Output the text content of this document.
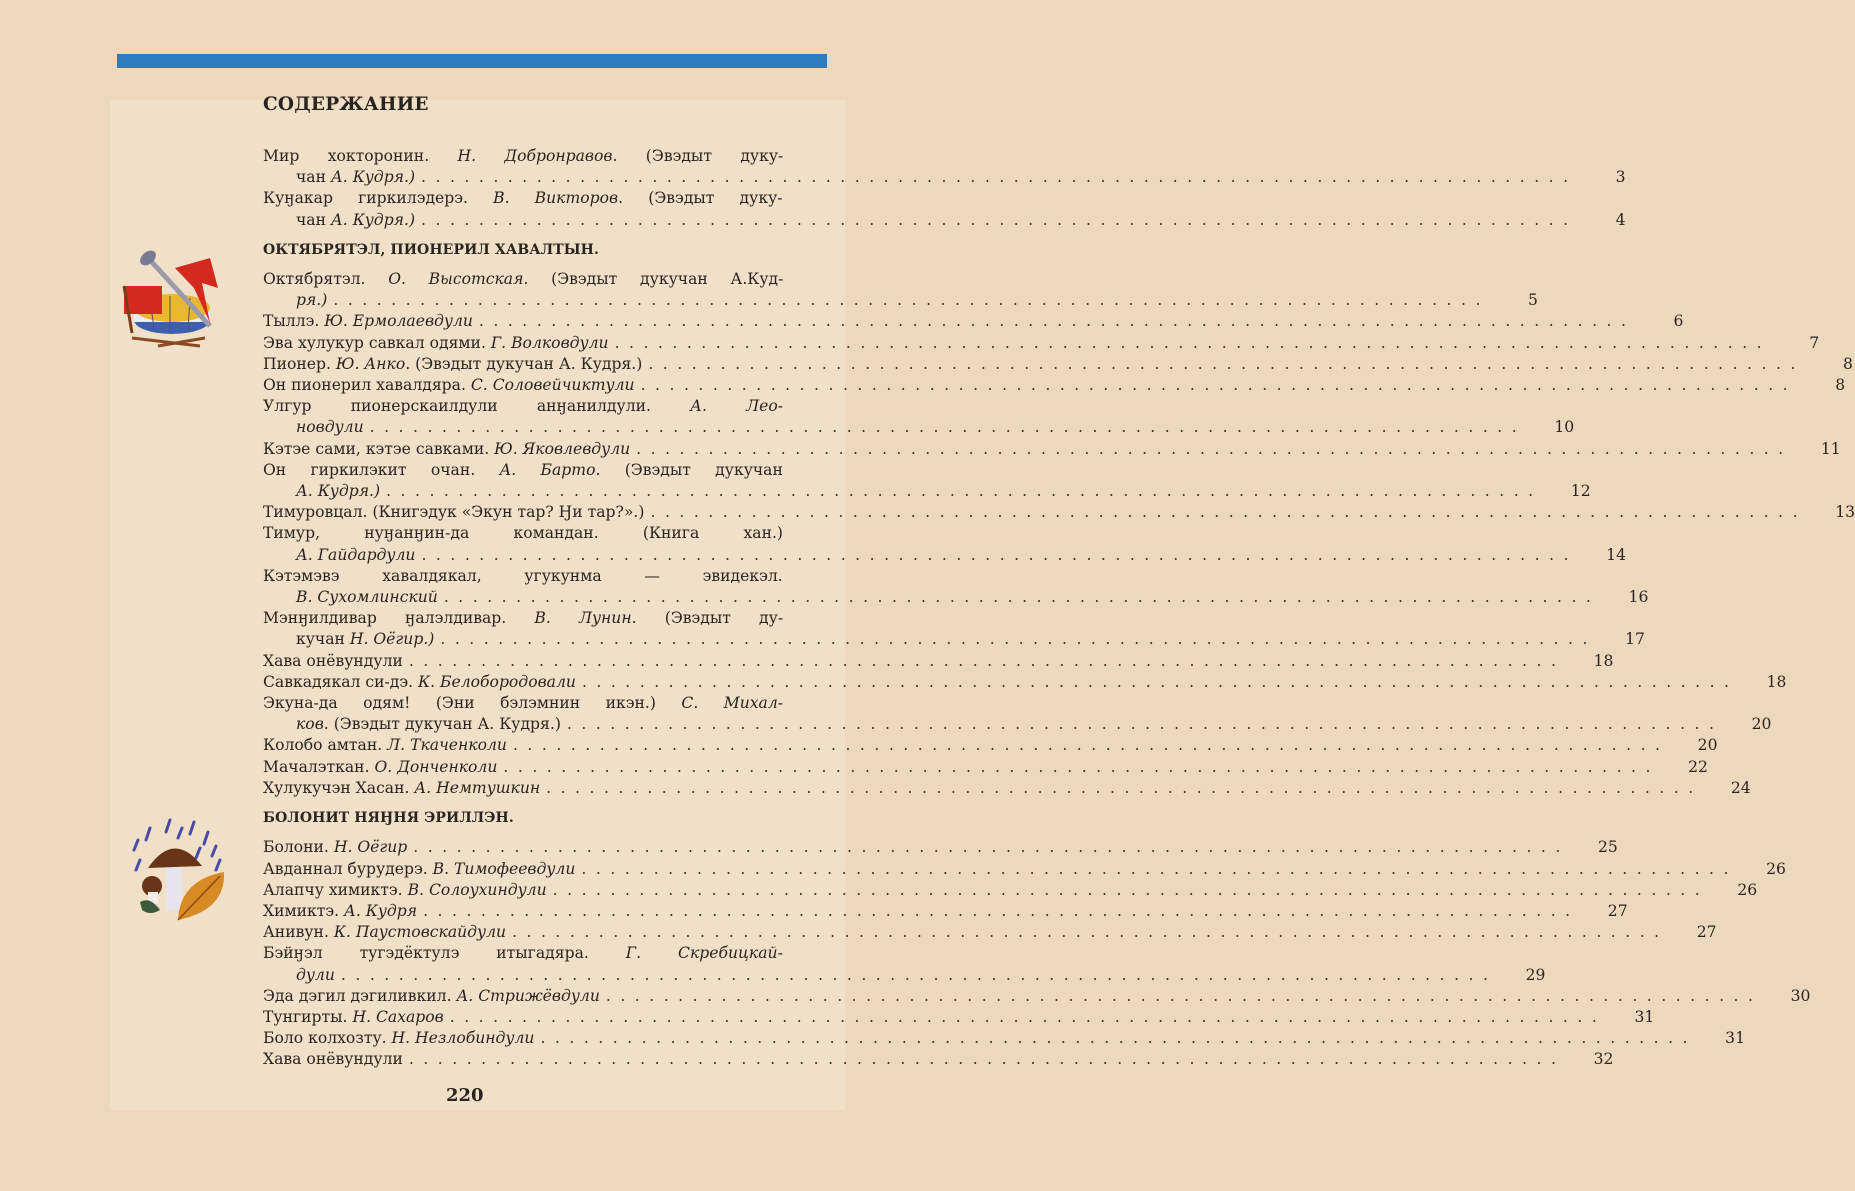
СОДЕРЖАНИЕ
Мир хокторонин. Н. Добронравов. (Эвэдыт дуку-
чан А. Кудря.) ................................................................................	3
Куӈакар гиркилэдерэ. В. Викторов. (Эвэдыт дуку-
чан А. Кудря.) ................................................................................	4
ОКТЯБРЯТЭЛ, ПИОНЕРИЛ ХАВАЛТЫН.
Октябрятэл. О. Высотская. (Эвэдыт дукучан А.Куд-
ря.) ................................................................................	5
Тыллэ. Ю. Ермолаевдули ................................................................................	6
Эва хулукур савкал одями. Г. Волковдули ................................................................................	7
Пионер. Ю. Анко. (Эвэдыт дукучан А. Кудря.) ................................................................................	8
Он пионерил хавалдяра. С. Соловейчиктули ................................................................................	8
Улгур пионерскаилдули анӈанилдули. А. Лео-
новдули ................................................................................	10
Кэтэе сами, кэтэе савками. Ю. Яковлевдули ................................................................................	11
Он гиркилэкит очан. А. Барто. (Эвэдыт дукучан
А. Кудря.) ................................................................................	12
Тимуровцал. (Книгэдук «Экун тар? Ӈи тар?».) ................................................................................	13
Тимур, нуӈанӈин-да командан. (Книга хан.)
А. Гайдардули ................................................................................	14
Кэтэмэвэ хавалдякал, угукунма — эвидекэл.
В. Сухомлинский ................................................................................	16
Мэнӈилдивар ӈалэлдивар. В. Лунин. (Эвэдыт ду-
кучан Н. Оёгир.) ................................................................................	17
Хава онёвундули ................................................................................	18
Савкадякал си-дэ. К. Белобородовали ................................................................................	18
Экуна-да одям! (Эни бэлэмнин икэн.) С. Михал-
ков. (Эвэдыт дукучан А. Кудря.) ................................................................................	20
Колобо амтан. Л. Ткаченколи ................................................................................	20
Мачалэткан. О. Донченколи ................................................................................	22
Хулукучэн Хасан. А. Немтушкин ................................................................................	24
БОЛОНИТ НЯӇНЯ ЭРИЛЛЭН.
Болони. Н. Оёгир ................................................................................	25
Авданнал бурудерэ. В. Тимофеевдули ................................................................................	26
Алапчу химиктэ. В. Солоухиндули ................................................................................	26
Химиктэ. А. Кудря ................................................................................	27
Анивун. К. Паустовскайдули ................................................................................	27
Бэйӈэл тугэдёктулэ итыгадяра. Г. Скребицкай-
дули ................................................................................	29
Эда дэгил дэгиливкил. А. Стрижёвдули ................................................................................	30
Тунгирты. Н. Сахаров ................................................................................	31
Боло колхозту. Н. Незлобиндули ................................................................................	31
Хава онёвундули ................................................................................	32
220
